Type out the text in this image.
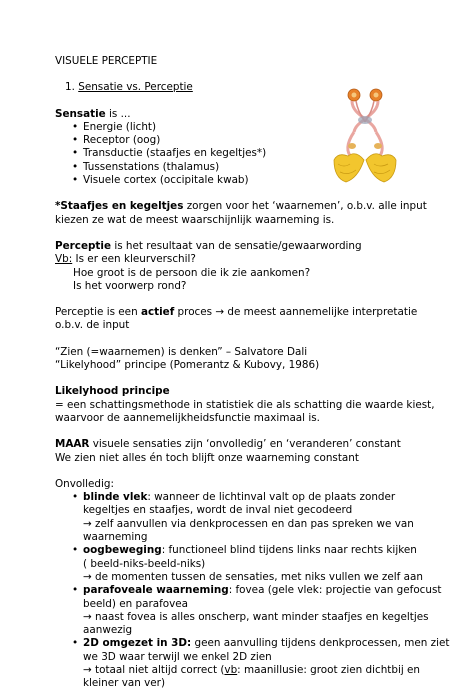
VISUELE PERCEPTIE
1. Sensatie vs. Perceptie
Sensatie is ...
• Energie (licht)
• Receptor (oog)
• Transductie (staafjes en kegeltjes*)
• Tussenstations (thalamus)
• Visuele cortex (occipitale kwab)
*Staafjes en kegeltjes zorgen voor het ‘waarnemen’, o.b.v. alle input
kiezen ze wat de meest waarschijnlijk waarneming is.
Perceptie is het resultaat van de sensatie/gewaarwording
Vb: Is er een kleurverschil?
Hoe groot is de persoon die ik zie aankomen?
Is het voorwerp rond?
Perceptie is een actief proces → de meest aannemelijke interpretatie
o.b.v. de input
“Zien (=waarnemen) is denken” – Salvatore Dali
“Likelyhood” principe (Pomerantz & Kubovy, 1986)
Likelyhood principe
= een schattingsmethode in statistiek die als schatting die waarde kiest,
waarvoor de aannemelijkheidsfunctie maximaal is.
MAAR visuele sensaties zijn ‘onvolledig’ en ‘veranderen’ constant
We zien niet alles én toch blijft onze waarneming constant
Onvolledig:
• blinde vlek: wanneer de lichtinval valt op de plaats zonder
kegeltjes en staafjes, wordt de inval niet gecodeerd
→ zelf aanvullen via denkprocessen en dan pas spreken we van
waarneming
• oogbeweging: functioneel blind tijdens links naar rechts kijken
( beeld-niks-beeld-niks)
→ de momenten tussen de sensaties, met niks vullen we zelf aan
• parafoveale waarneming: fovea (gele vlek: projectie van gefocust
beeld) en parafovea
→ naast fovea is alles onscherp, want minder staafjes en kegeltjes
aanwezig
• 2D omgezet in 3D: geen aanvulling tijdens denkprocessen, men ziet
we 3D waar terwijl we enkel 2D zien
→ totaal niet altijd correct (vb: maanillusie: groot zien dichtbij en
kleiner van ver)
